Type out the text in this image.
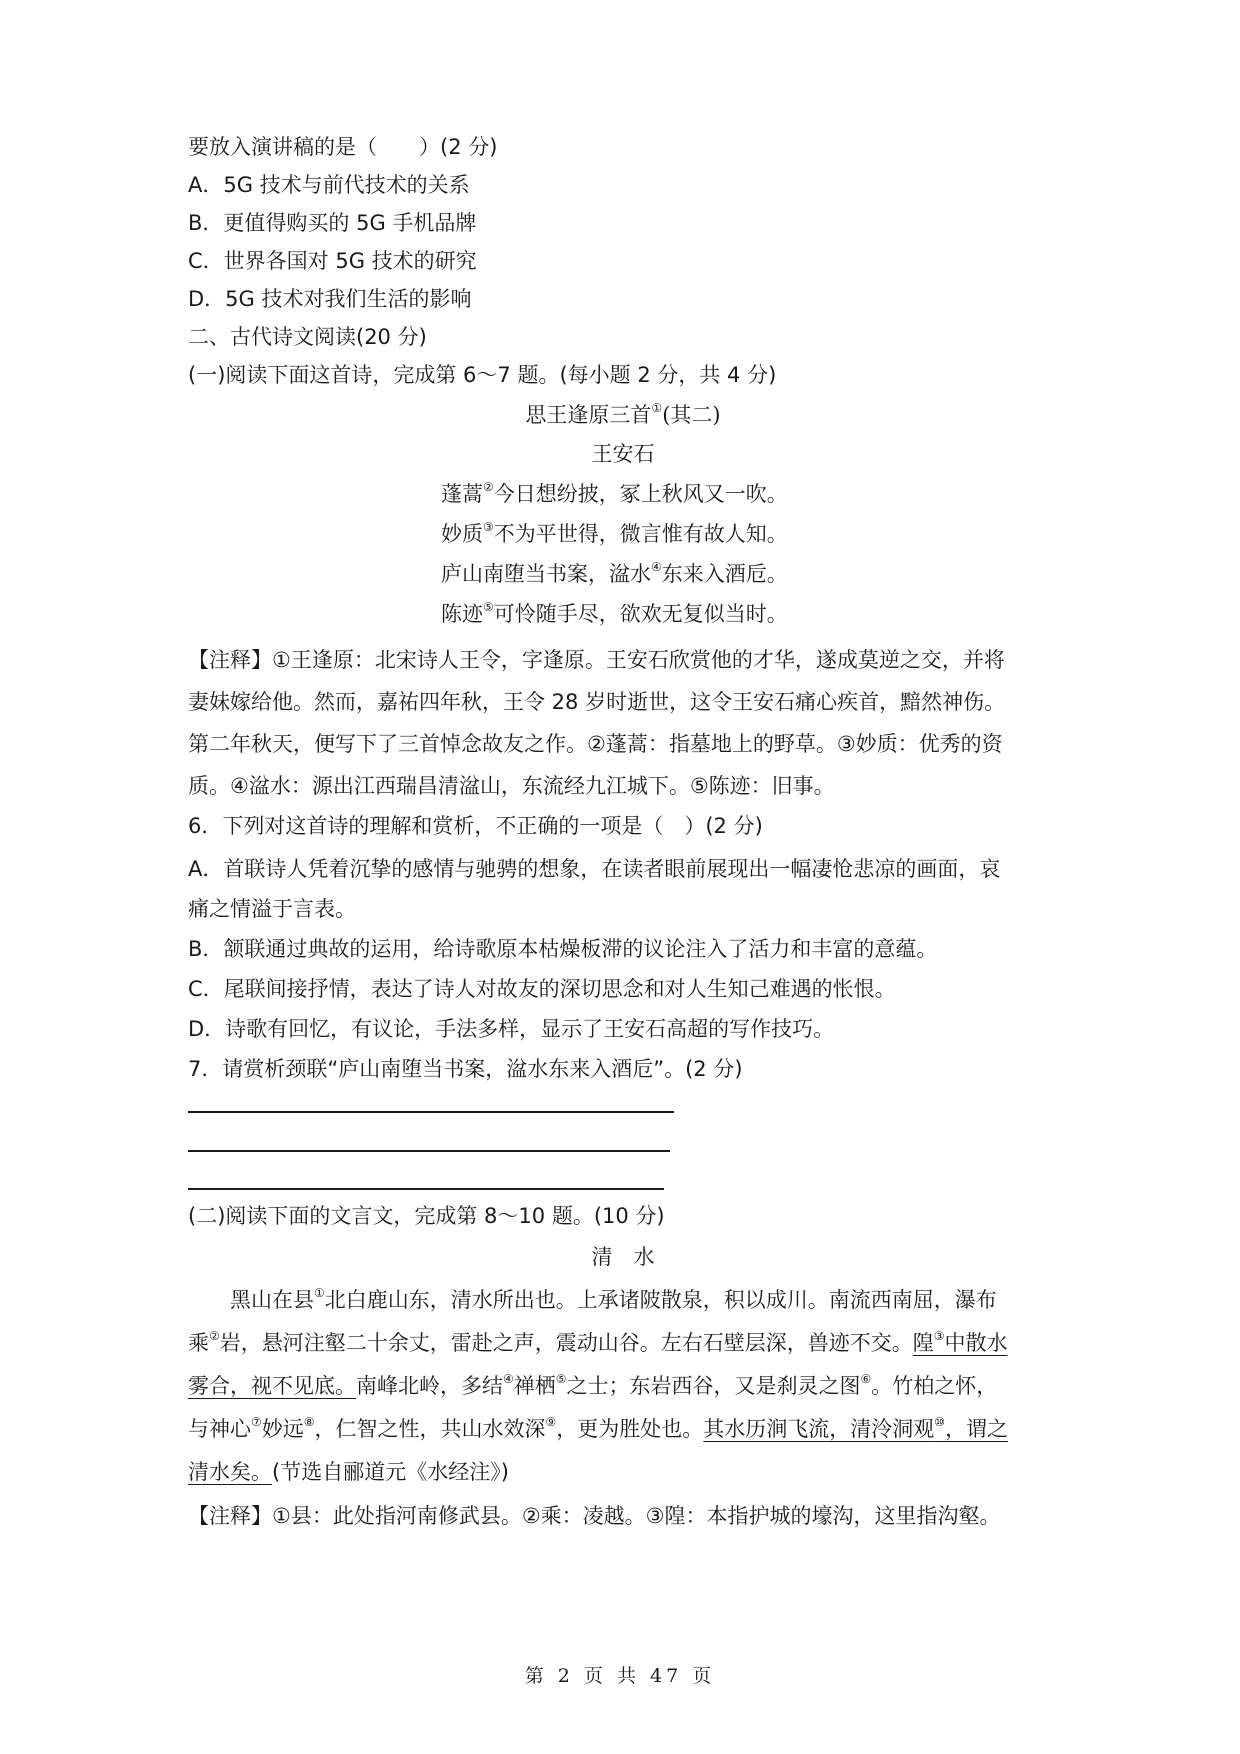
要放入演讲稿的是（　　）(2 分)
A．5G 技术与前代技术的关系
B．更值得购买的 5G 手机品牌
C．世界各国对 5G 技术的研究
D．5G 技术对我们生活的影响
二、古代诗文阅读(20 分)
(一)阅读下面这首诗，完成第 6～7 题。(每小题 2 分，共 4 分)
思王逢原三首①(其二)
王安石
蓬蒿②今日想纷披，冢上秋风又一吹。
妙质③不为平世得，微言惟有故人知。
庐山南堕当书案，湓水④东来入酒卮。
陈迹⑤可怜随手尽，欲欢无复似当时。
【注释】①王逢原：北宋诗人王令，字逢原。王安石欣赏他的才华，遂成莫逆之交，并将
妻妹嫁给他。然而，嘉祐四年秋，王令 28 岁时逝世，这令王安石痛心疾首，黯然神伤。
第二年秋天，便写下了三首悼念故友之作。②蓬蒿：指墓地上的野草。③妙质：优秀的资
质。④湓水：源出江西瑞昌清湓山，东流经九江城下。⑤陈迹：旧事。
6．下列对这首诗的理解和赏析，不正确的一项是（　）(2 分)
A．首联诗人凭着沉挚的感情与驰骋的想象，在读者眼前展现出一幅凄怆悲凉的画面，哀
痛之情溢于言表。
B．颔联通过典故的运用，给诗歌原本枯燥板滞的议论注入了活力和丰富的意蕴。
C．尾联间接抒情，表达了诗人对故友的深切思念和对人生知己难遇的怅恨。
D．诗歌有回忆，有议论，手法多样，显示了王安石高超的写作技巧。
7．请赏析颈联“庐山南堕当书案，湓水东来入酒卮”。(2 分)
(二)阅读下面的文言文，完成第 8～10 题。(10 分)
清　水
黑山在县①北白鹿山东，清水所出也。上承诸陂散泉，积以成川。南流西南屈，瀑布
乘②岩，悬河注壑二十余丈，雷赴之声，震动山谷。左右石壁层深，兽迹不交。隍③中散水
雾合，视不见底。南峰北岭，多结④禅栖⑤之士；东岩西谷，又是刹灵之图⑥。竹柏之怀，
与神心⑦妙远⑧，仁智之性，共山水效深⑨，更为胜处也。其水历涧飞流，清泠洞观⑩，谓之
清水矣。(节选自郦道元《水经注》)
【注释】①县：此处指河南修武县。②乘：凌越。③隍：本指护城的壕沟，这里指沟壑。
第 2 页 共 47 页
